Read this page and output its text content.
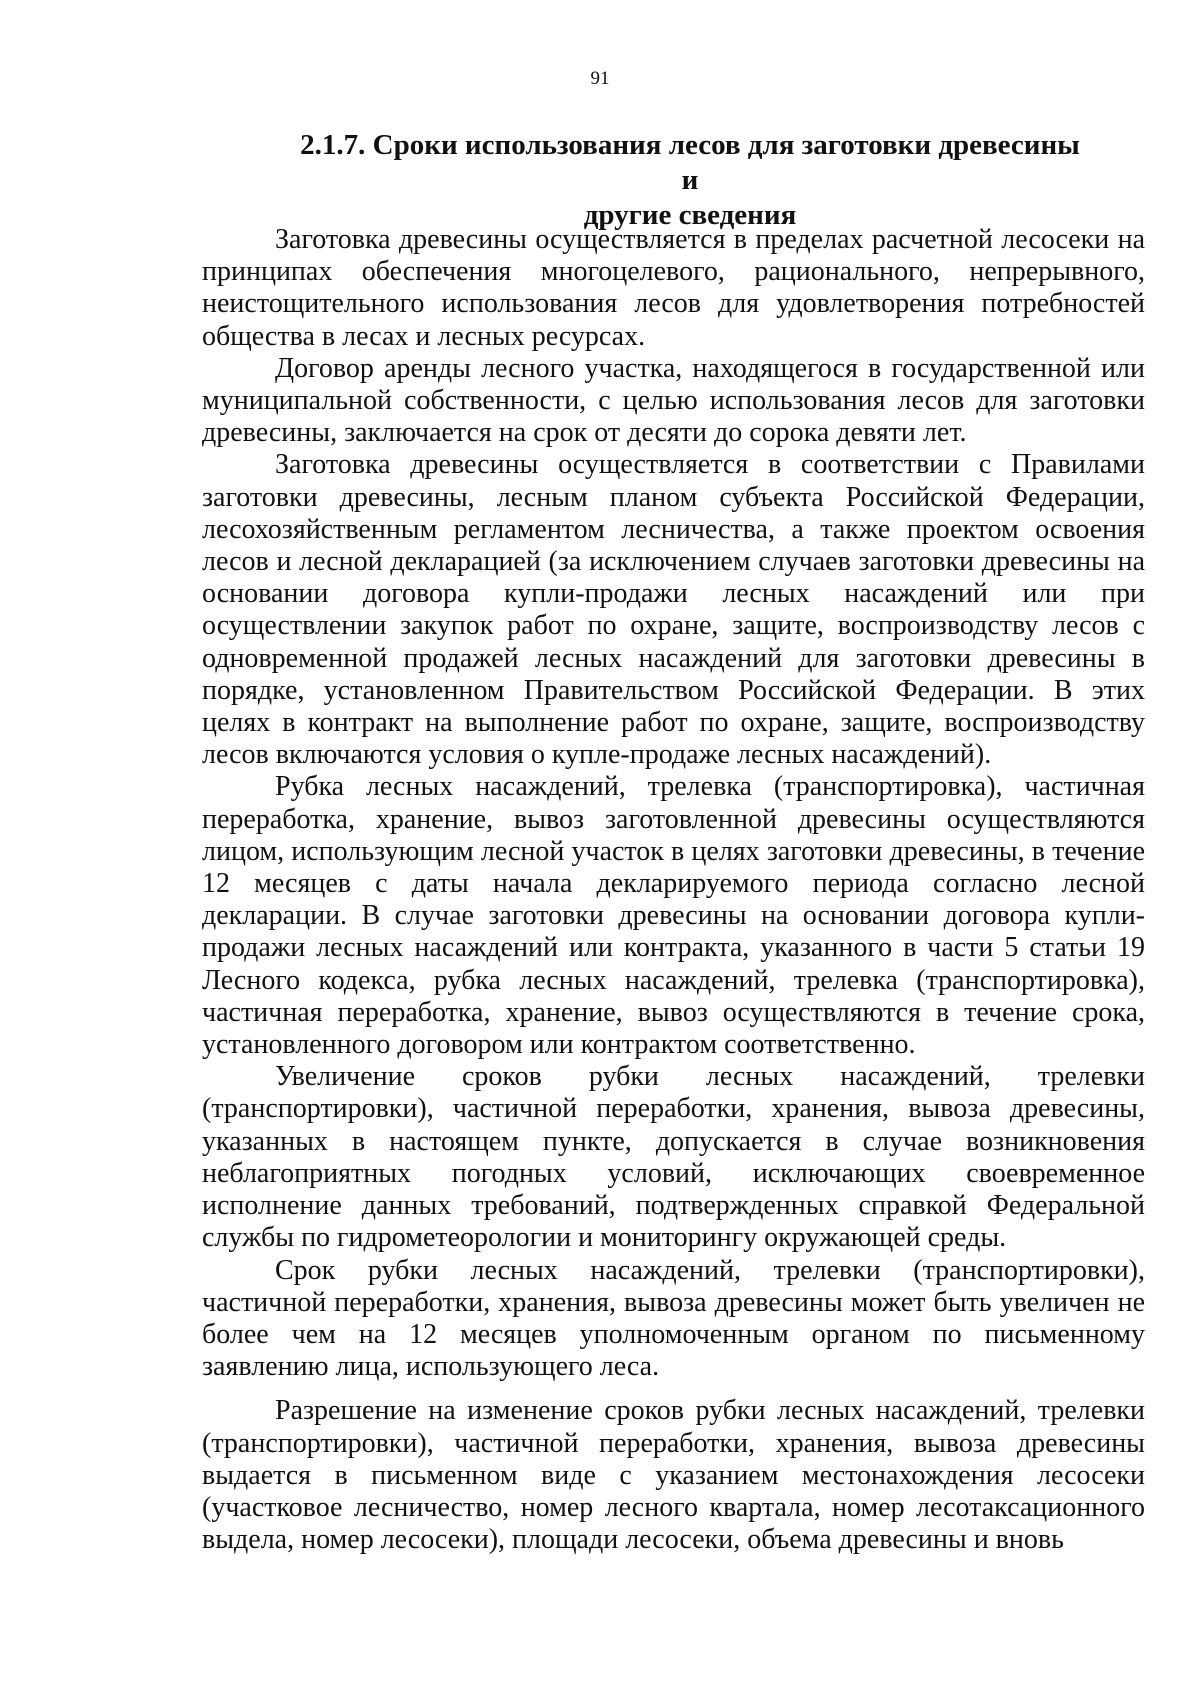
91
2.1.7. Сроки использования лесов для заготовки древесины и
другие сведения

Заготовка древесины осуществляется в пределах расчетной лесосеки на принципах обеспечения многоцелевого, рационального, непрерывного, неистощительного использования лесов для удовлетворения потребностей общества в лесах и лесных ресурсах.

Договор аренды лесного участка, находящегося в государственной или муниципальной собственности, с целью использования лесов для заготовки древесины, заключается на срок от десяти до сорока девяти лет.

Заготовка древесины осуществляется в соответствии с Правилами заготовки древесины, лесным планом субъекта Российской Федерации, лесохозяйственным регламентом лесничества, а также проектом освоения лесов и лесной декларацией (за исключением случаев заготовки древесины на основании договора купли-продажи лесных насаждений или при осуществлении закупок работ по охране, защите, воспроизводству лесов с одновременной продажей лесных насаждений для заготовки древесины в порядке, установленном Правительством Российской Федерации. В этих целях в контракт на выполнение работ по охране, защите, воспроизводству лесов включаются условия о купле-продаже лесных насаждений).

Рубка лесных насаждений, трелевка (транспортировка), частичная переработка, хранение, вывоз заготовленной древесины осуществляются лицом, использующим лесной участок в целях заготовки древесины, в течение 12 месяцев с даты начала декларируемого периода согласно лесной декларации. В случае заготовки древесины на основании договора купли-продажи лесных насаждений или контракта, указанного в части 5 статьи 19 Лесного кодекса, рубка лесных насаждений, трелевка (транспортировка), частичная переработка, хранение, вывоз осуществляются в течение срока, установленного договором или контрактом соответственно.

Увеличение сроков рубки лесных насаждений, трелевки (транспортировки), частичной переработки, хранения, вывоза древесины, указанных в настоящем пункте, допускается в случае возникновения неблагоприятных погодных условий, исключающих своевременное исполнение данных требований, подтвержденных справкой Федеральной службы по гидрометеорологии и мониторингу окружающей среды.

Срок рубки лесных насаждений, трелевки (транспортировки), частичной переработки, хранения, вывоза древесины может быть увеличен не более чем на 12 месяцев уполномоченным органом по письменному заявлению лица, использующего леса.

Разрешение на изменение сроков рубки лесных насаждений, трелевки (транспортировки), частичной переработки, хранения, вывоза древесины выдается в письменном виде с указанием местонахождения лесосеки (участковое лесничество, номер лесного квартала, номер лесотаксационного выдела, номер лесосеки), площади лесосеки, объема древесины и вновь
